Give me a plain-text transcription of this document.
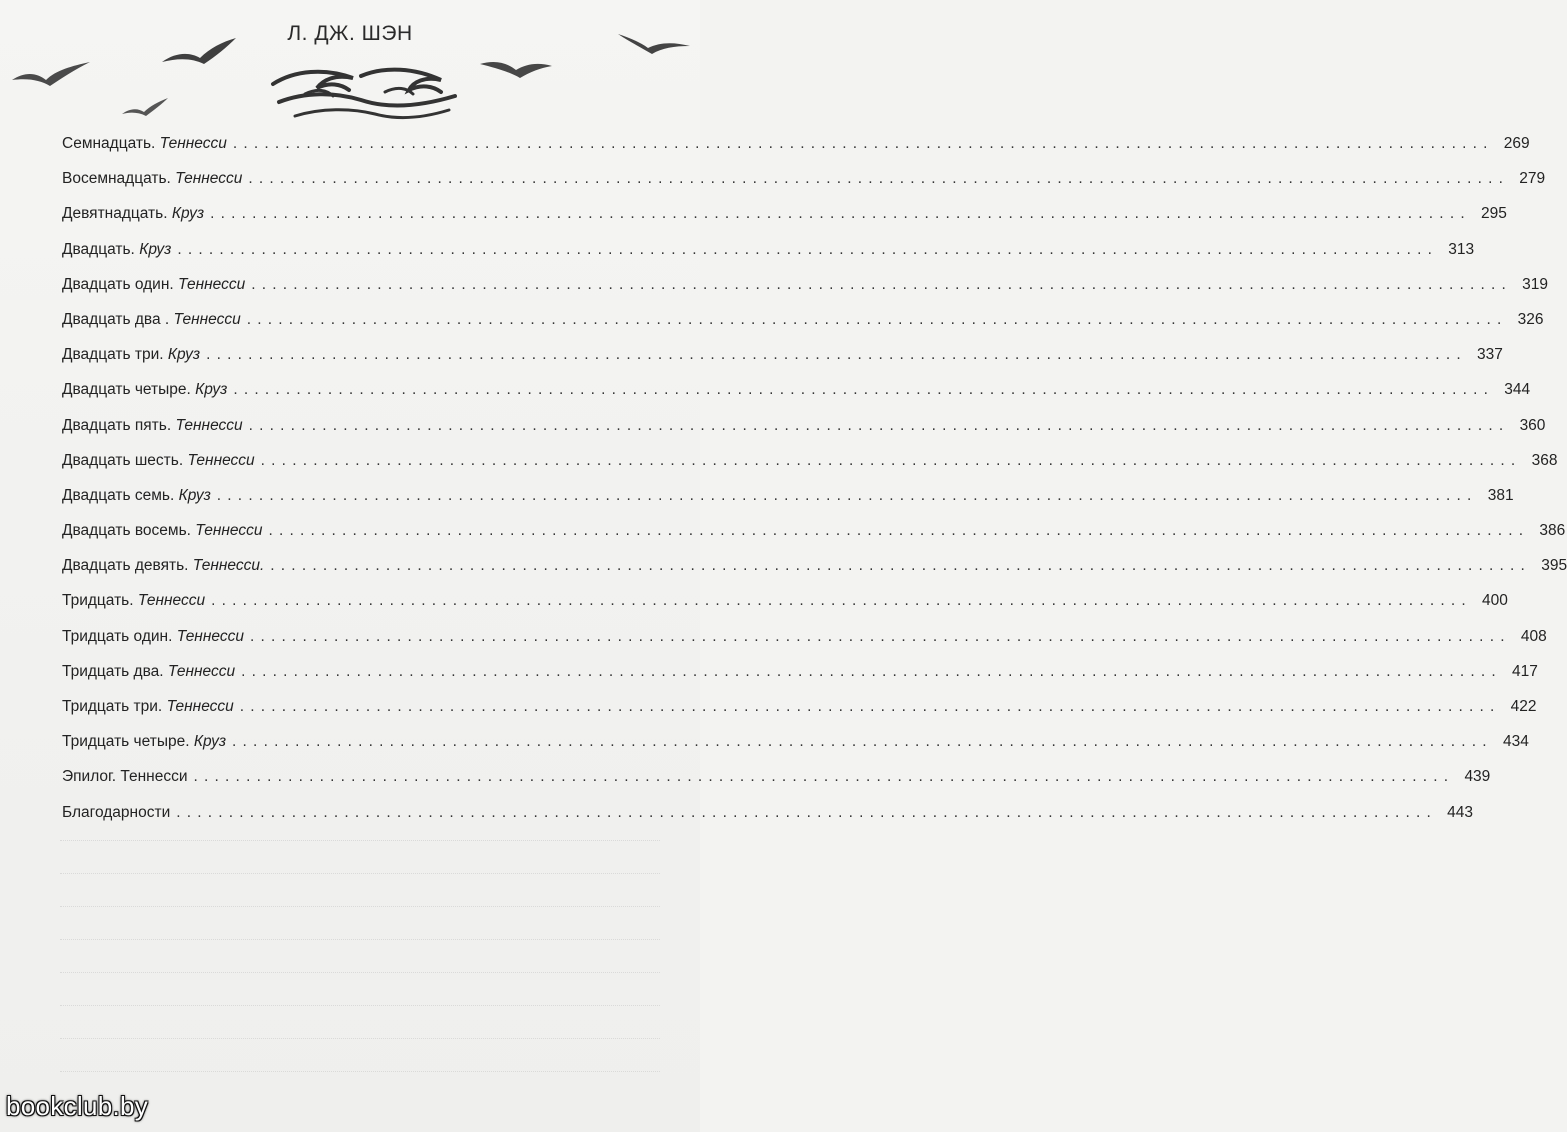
Л. ДЖ. ШЭН
Семнадцать. Теннесси ........................................................................................................................ 269
Восемнадцать. Теннесси ........................................................................................................................ 279
Девятнадцать. Круз ........................................................................................................................ 295
Двадцать. Круз ........................................................................................................................ 313
Двадцать один. Теннесси ........................................................................................................................ 319
Двадцать два . Теннесси ........................................................................................................................ 326
Двадцать три. Круз ........................................................................................................................ 337
Двадцать четыре. Круз ........................................................................................................................ 344
Двадцать пять. Теннесси ........................................................................................................................ 360
Двадцать шесть. Теннесси ........................................................................................................................ 368
Двадцать семь. Круз ........................................................................................................................ 381
Двадцать восемь. Теннесси ........................................................................................................................ 386
Двадцать девять. Теннесси. ........................................................................................................................ 395
Тридцать. Теннесси ........................................................................................................................ 400
Тридцать один. Теннесси ........................................................................................................................ 408
Тридцать два. Теннесси ........................................................................................................................ 417
Тридцать три. Теннесси ........................................................................................................................ 422
Тридцать четыре. Круз ........................................................................................................................ 434
Эпилог. Теннесси ........................................................................................................................ 439
Благодарности ........................................................................................................................ 443
bookclub.by
